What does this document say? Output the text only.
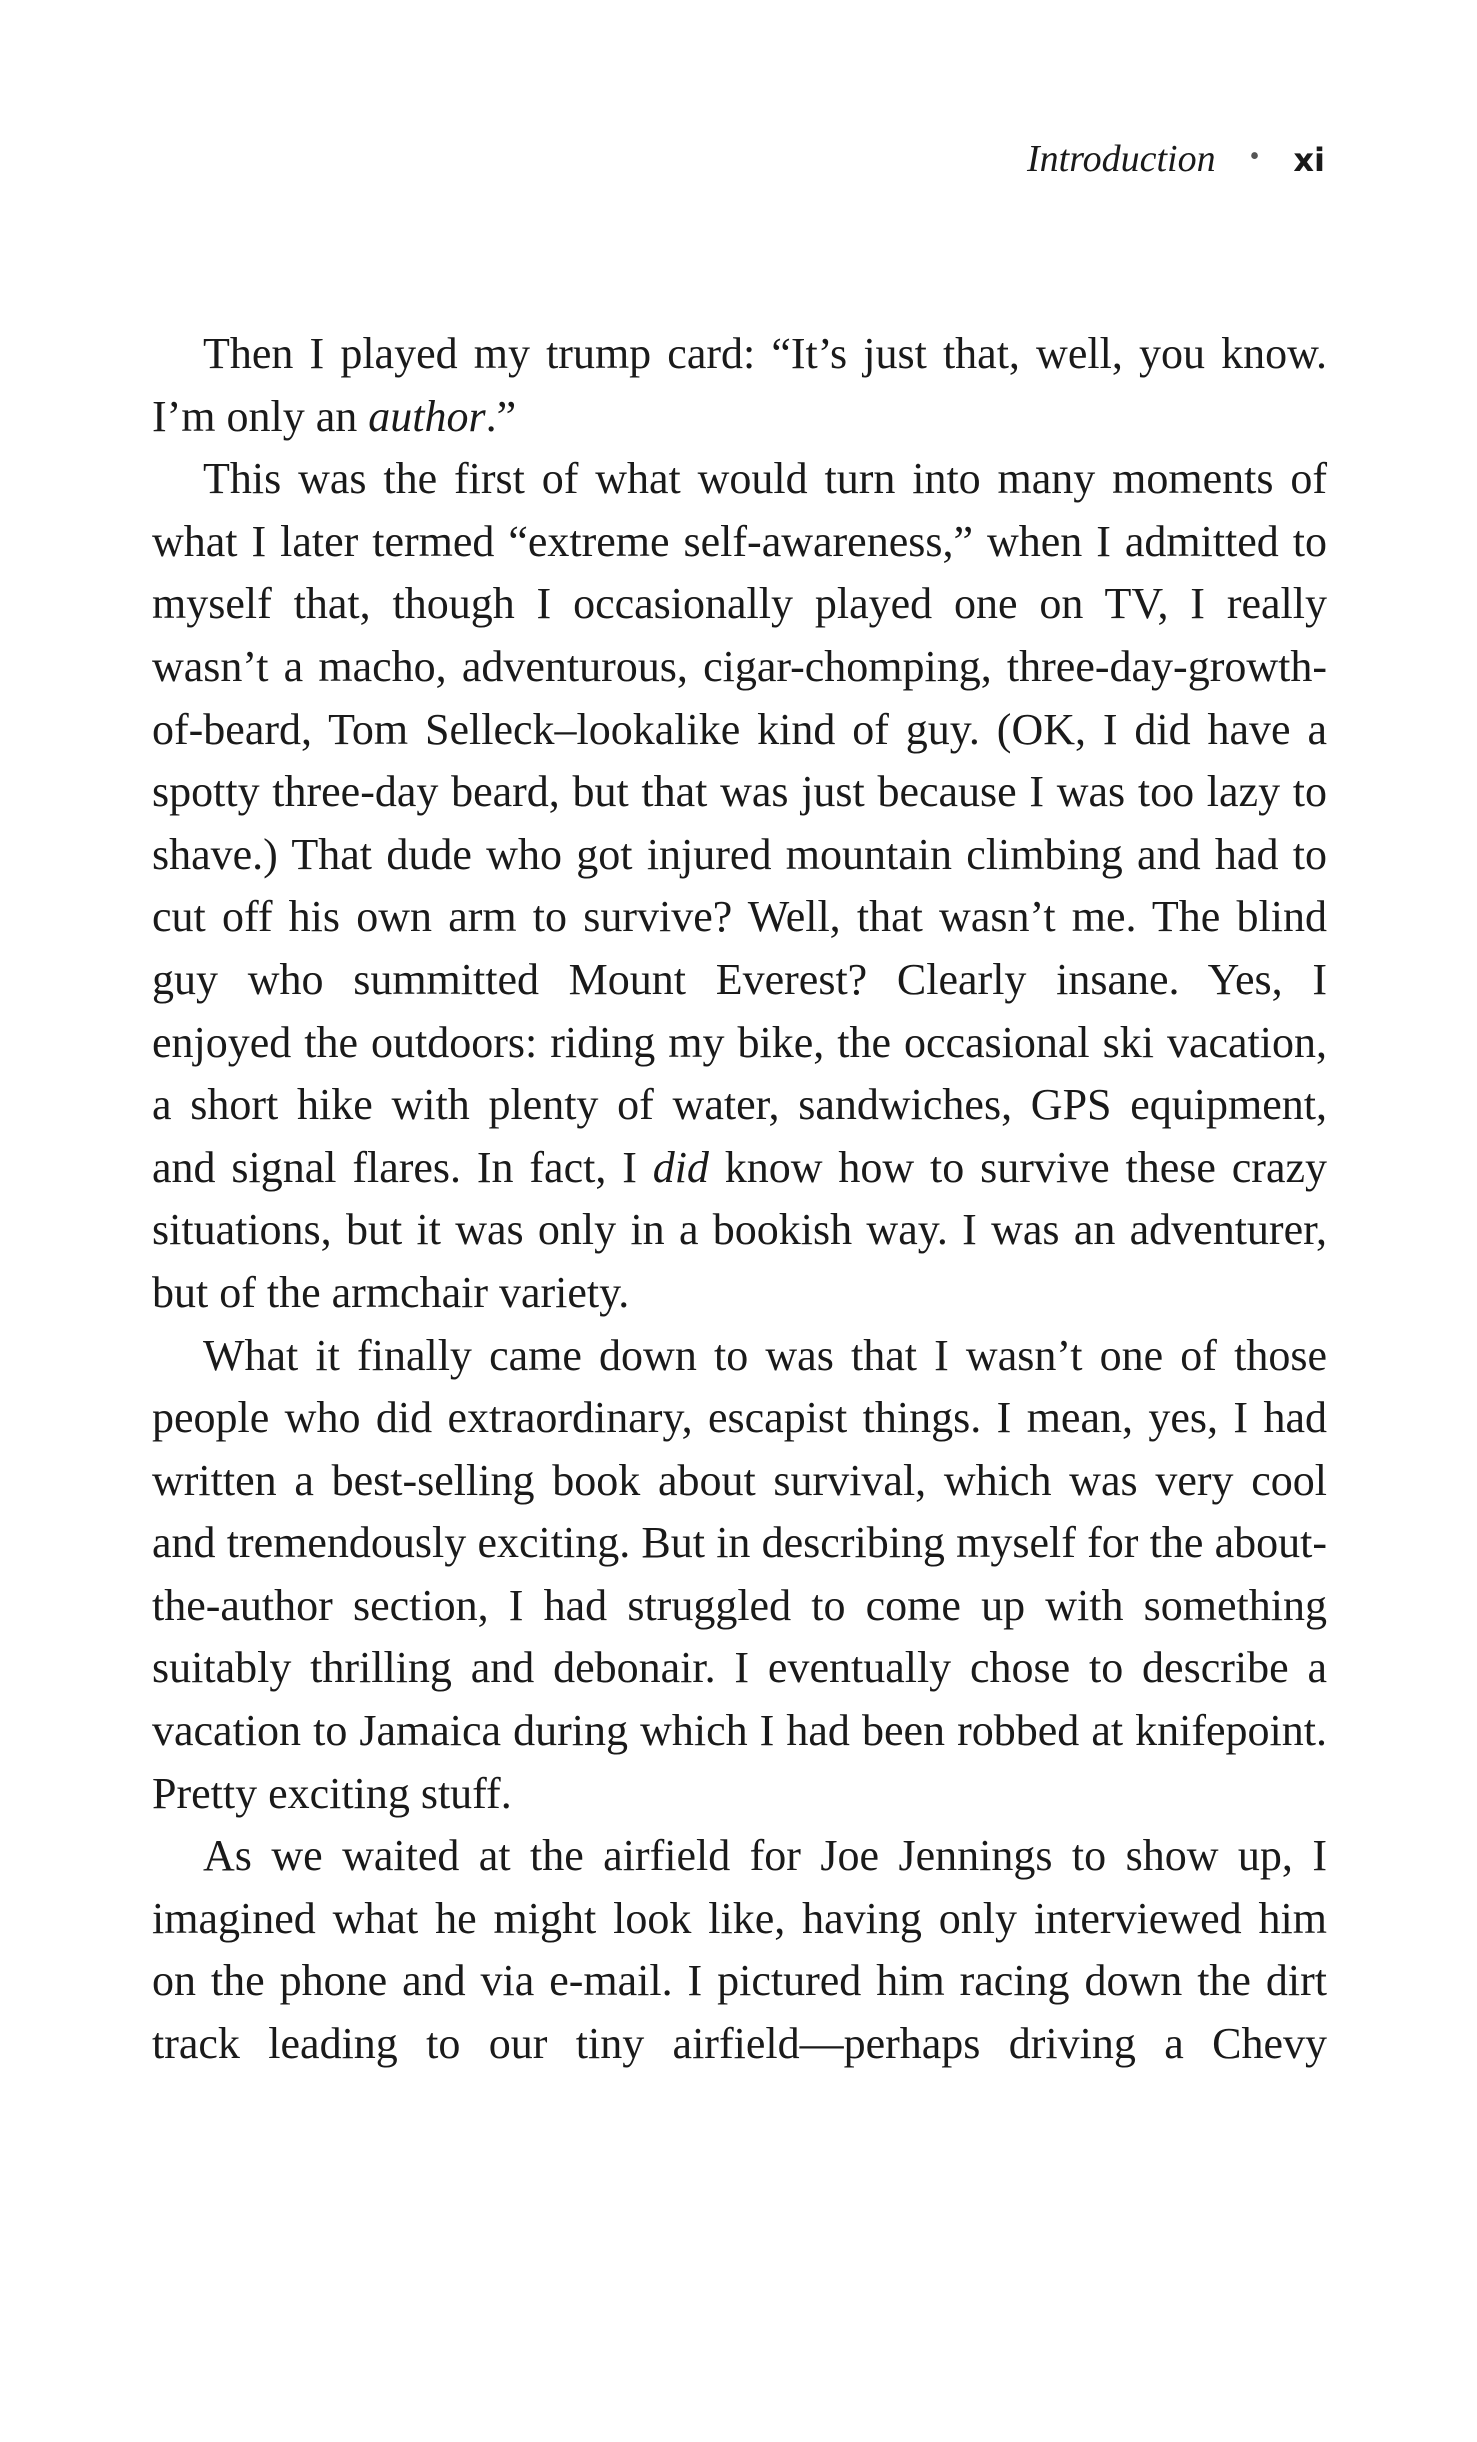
Introduction • xi

Then I played my trump card: “It’s just that, well, you know. I’m only an author.”

This was the first of what would turn into many moments of what I later termed “extreme self-awareness,” when I admitted to myself that, though I occasionally played one on TV, I really wasn’t a macho, adventurous, cigar-chomping, three-day-growth-of-beard, Tom Selleck–lookalike kind of guy. (OK, I did have a spotty three-day beard, but that was just because I was too lazy to shave.) That dude who got injured mountain climbing and had to cut off his own arm to survive? Well, that wasn’t me. The blind guy who summitted Mount Everest? Clearly insane. Yes, I enjoyed the outdoors: riding my bike, the occasional ski vacation, a short hike with plenty of water, sandwiches, GPS equipment, and signal flares. In fact, I did know how to survive these crazy situations, but it was only in a bookish way. I was an adventurer, but of the armchair variety.

What it finally came down to was that I wasn’t one of those people who did extraordinary, escapist things. I mean, yes, I had written a best-selling book about survival, which was very cool and tremendously exciting. But in describing myself for the about-the-author section, I had struggled to come up with something suitably thrilling and debonair. I eventually chose to describe a vacation to Jamaica during which I had been robbed at knifepoint. Pretty exciting stuff.

As we waited at the airfield for Joe Jennings to show up, I imagined what he might look like, having only interviewed him on the phone and via e-mail. I pictured him racing down the dirt track leading to our tiny airfield—perhaps driving a Chevy
